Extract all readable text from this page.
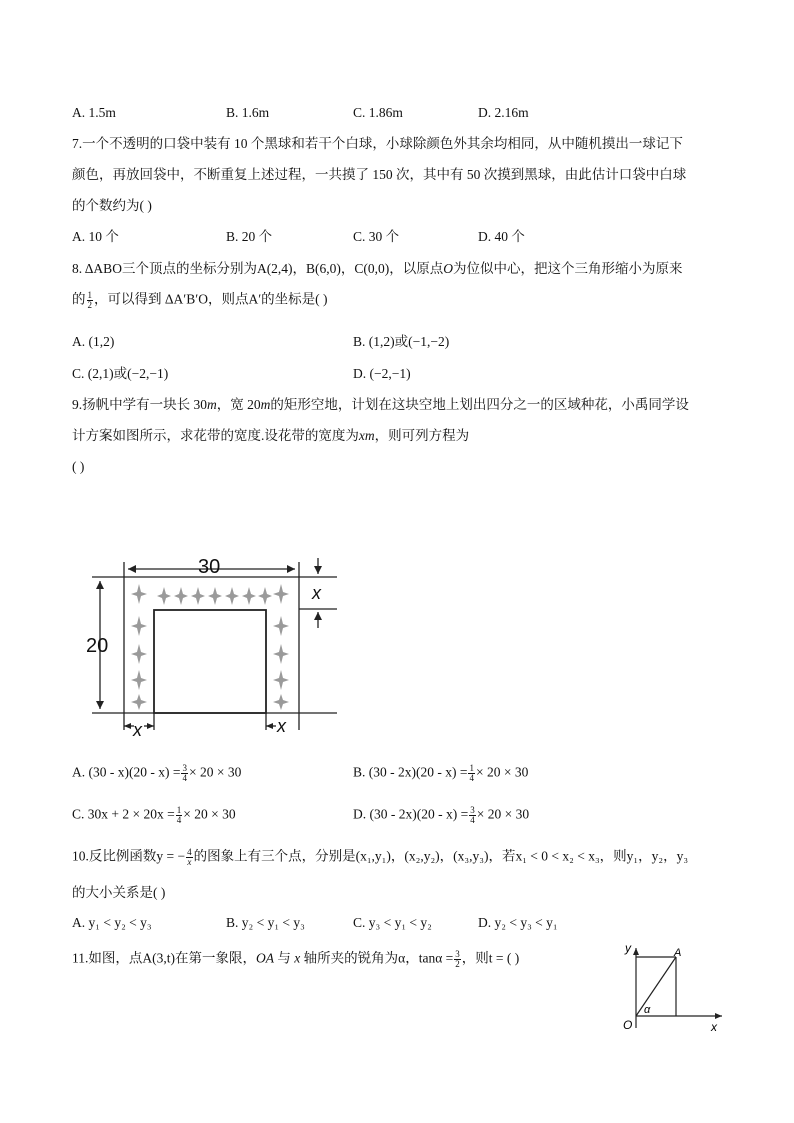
A. 1.5m	B. 1.6m	C. 1.86m	D. 2.16m
7.一个不透明的口袋中装有 10 个黑球和若干个白球，小球除颜色外其余均相同，从中随机摸出一球记下
颜色，再放回袋中，不断重复上述过程，一共摸了 150 次，其中有 50 次摸到黑球，由此估计口袋中白球
的个数约为( )
A. 10 个	B. 20 个	C. 30 个	D. 40 个
8. ΔABO三个顶点的坐标分别为A(2,4)，B(6,0)，C(0,0)，以原点O为位似中心，把这个三角形缩小为原来
的 $\frac{1}{2}$ ，可以得到 ΔA′B′O，则点A′的坐标是( )
A. (1,2)	B. (1,2)或(−1,−2)
C. (2,1)或(−2,−1)	D. (−2,−1)
9.扬帆中学有一块长 30m，宽 20m的矩形空地，计划在这块空地上划出四分之一的区域种花，小禹同学设
计方案如图所示，求花带的宽度.设花带的宽度为xm，则可列方程为
( )
30
20
x
x	x
A. $(30 - x)(20 - x) = \frac{3}{4} \times 20 \times 30$	B. $(30 - 2x)(20 - x) = \frac{1}{4} \times 20 \times 30$
C. $30x + 2 \times 20x = \frac{1}{4} \times 20 \times 30$	D. $(30 - 2x)(20 - x) = \frac{3}{4} \times 20 \times 30$
10.反比例函数y = − $\frac{4}{x}$ 的图象上有三个点，分别是(x₁,y₁)，(x₂,y₂)，(x₃,y₃)，若x₁ < 0 < x₂ < x₃，则y₁，y₂，y₃
的大小关系是( )
A. y₁ < y₂ < y₃	B. y₂ < y₁ < y₃	C. y₃ < y₁ < y₂	D. y₂ < y₃ < y₁
11.如图，点A(3,t)在第一象限，OA 与 x 轴所夹的锐角为α，$\tan\alpha = \frac{3}{2}$ ，则t = ( )
y
x
O
A
α
